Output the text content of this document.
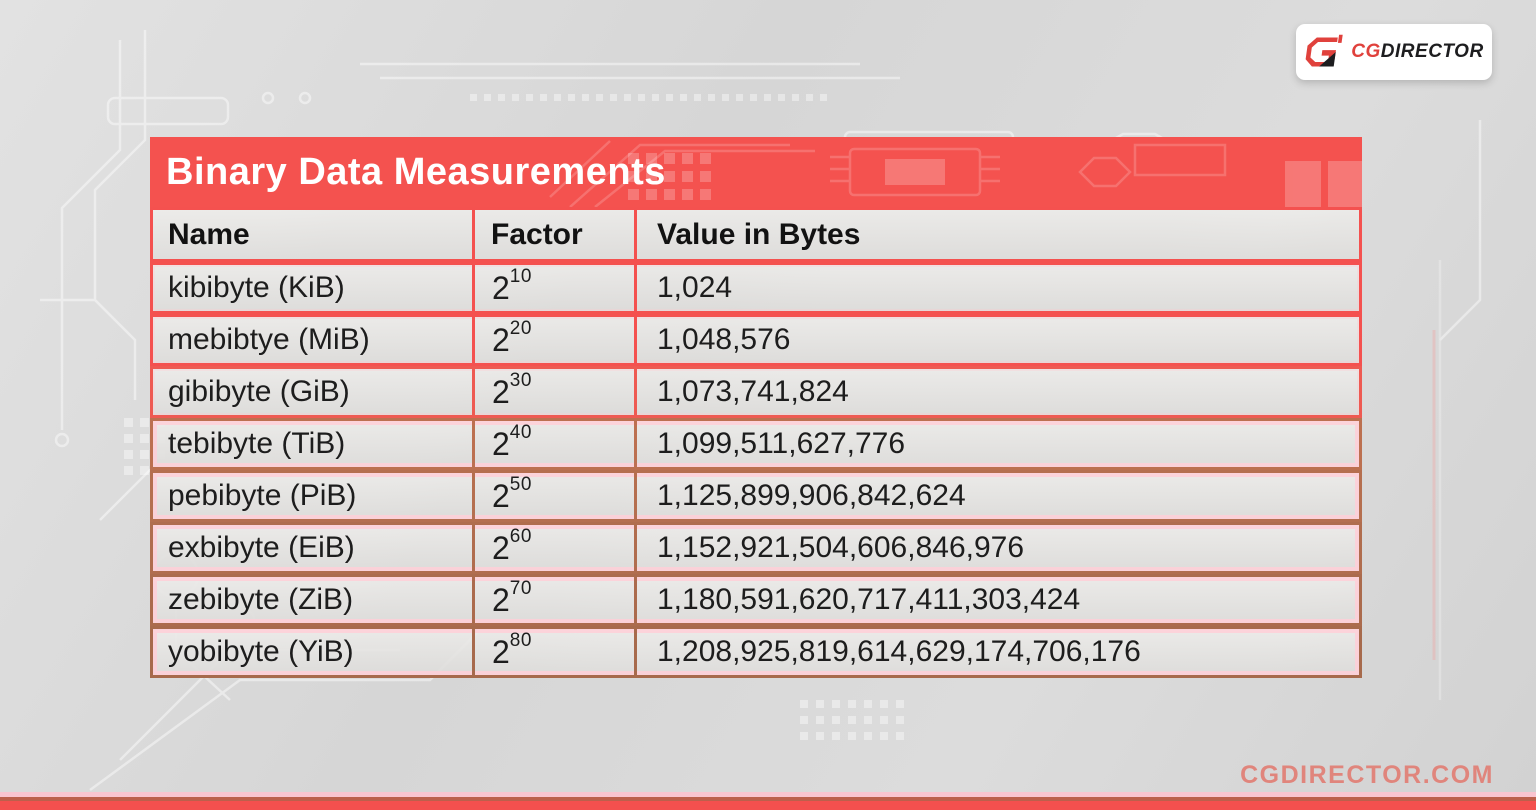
CGDIRECTOR
Binary Data Measurements
Name	Factor	Value in Bytes
kibibyte (KiB)	2 10	1,024
mebibtye (MiB)	2 20	1,048,576
gibibyte (GiB)	2 30	1,073,741,824
tebibyte (TiB)	2 40	1,099,511,627,776
pebibyte (PiB)	2 50	1,125,899,906,842,624
exbibyte (EiB)	2 60	1,152,921,504,606,846,976
zebibyte (ZiB)	2 70	1,180,591,620,717,411,303,424
yobibyte (YiB)	2 80	1,208,925,819,614,629,174,706,176
CGDIRECTOR.COM
